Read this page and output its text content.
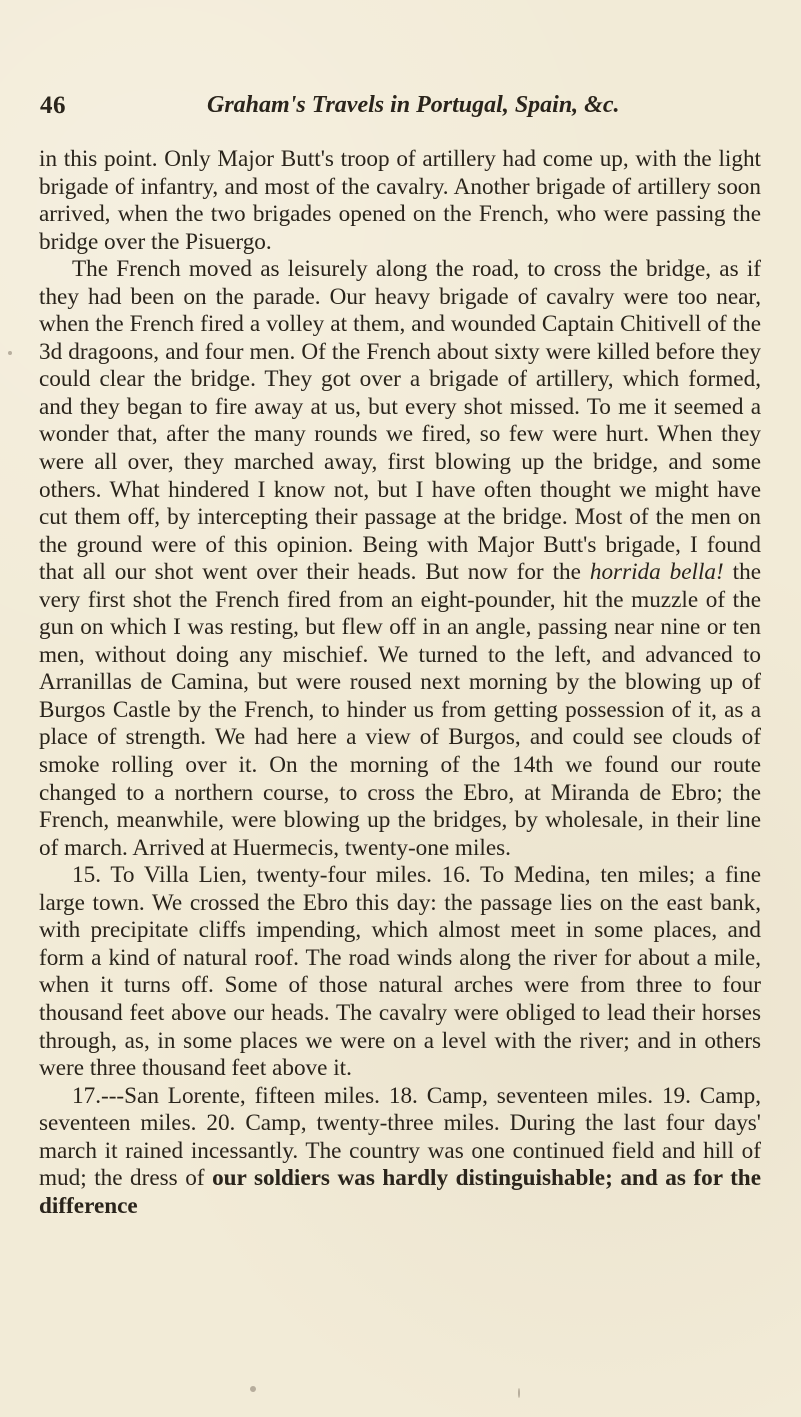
46	Graham's Travels in Portugal, Spain, &c.

in this point. Only Major Butt's troop of artillery had come up, with the light brigade of infantry, and most of the cavalry. Another brigade of artillery soon arrived, when the two brigades opened on the French, who were passing the bridge over the Pisuergo.

The French moved as leisurely along the road, to cross the bridge, as if they had been on the parade. Our heavy brigade of cavalry were too near, when the French fired a volley at them, and wounded Captain Chitivell of the 3d dragoons, and four men. Of the French about sixty were killed before they could clear the bridge. They got over a brigade of artillery, which formed, and they began to fire away at us, but every shot missed. To me it seemed a wonder that, after the many rounds we fired, so few were hurt. When they were all over, they marched away, first blowing up the bridge, and some others. What hindered I know not, but I have often thought we might have cut them off, by intercepting their passage at the bridge. Most of the men on the ground were of this opinion. Being with Major Butt's brigade, I found that all our shot went over their heads. But now for the horrida bella! the very first shot the French fired from an eight-pounder, hit the muzzle of the gun on which I was resting, but flew off in an angle, passing near nine or ten men, without doing any mischief. We turned to the left, and advanced to Arranillas de Camina, but were roused next morning by the blowing up of Burgos Castle by the French, to hinder us from getting possession of it, as a place of strength. We had here a view of Burgos, and could see clouds of smoke rolling over it. On the morning of the 14th we found our route changed to a northern course, to cross the Ebro, at Miranda de Ebro; the French, meanwhile, were blowing up the bridges, by wholesale, in their line of march. Arrived at Huermecis, twenty-one miles.

15. To Villa Lien, twenty-four miles. 16. To Medina, ten miles; a fine large town. We crossed the Ebro this day: the passage lies on the east bank, with precipitate cliffs impending, which almost meet in some places, and form a kind of natural roof. The road winds along the river for about a mile, when it turns off. Some of those natural arches were from three to four thousand feet above our heads. The cavalry were obliged to lead their horses through, as, in some places we were on a level with the river; and in others were three thousand feet above it.

17.---San Lorente, fifteen miles. 18. Camp, seventeen miles. 19. Camp, seventeen miles. 20. Camp, twenty-three miles. During the last four days' march it rained incessantly. The country was one continued field and hill of mud; the dress of our soldiers was hardly distinguishable; and as for the difference
